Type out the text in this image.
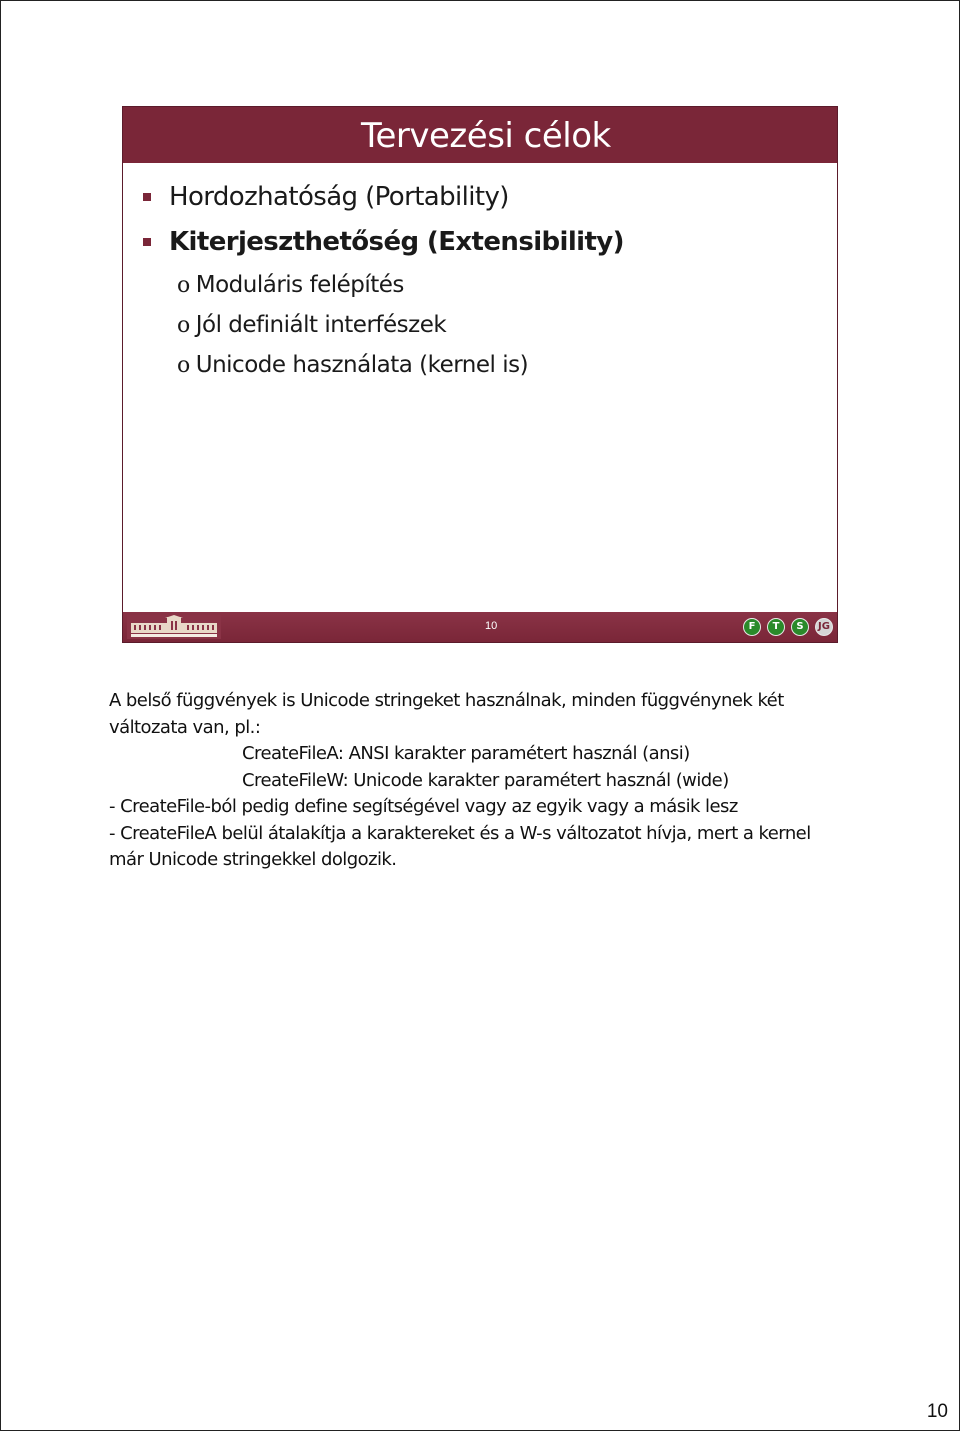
Tervezési célok
Hordozhatóság (Portability)
Kiterjeszthetőség (Extensibility)
o Moduláris felépítés
o Jól definiált interfészek
o Unicode használata (kernel is)
10	F	T	S	JG
A belső függvények is Unicode stringeket használnak, minden függvénynek két
változata van, pl.:
CreateFileA: ANSI karakter paramétert használ (ansi)
CreateFileW: Unicode karakter paramétert használ (wide)
- CreateFile-ból pedig define segítségével vagy az egyik vagy a másik lesz
- CreateFileA belül átalakítja a karaktereket és a W-s változatot hívja, mert a kernel
már Unicode stringekkel dolgozik.
10
